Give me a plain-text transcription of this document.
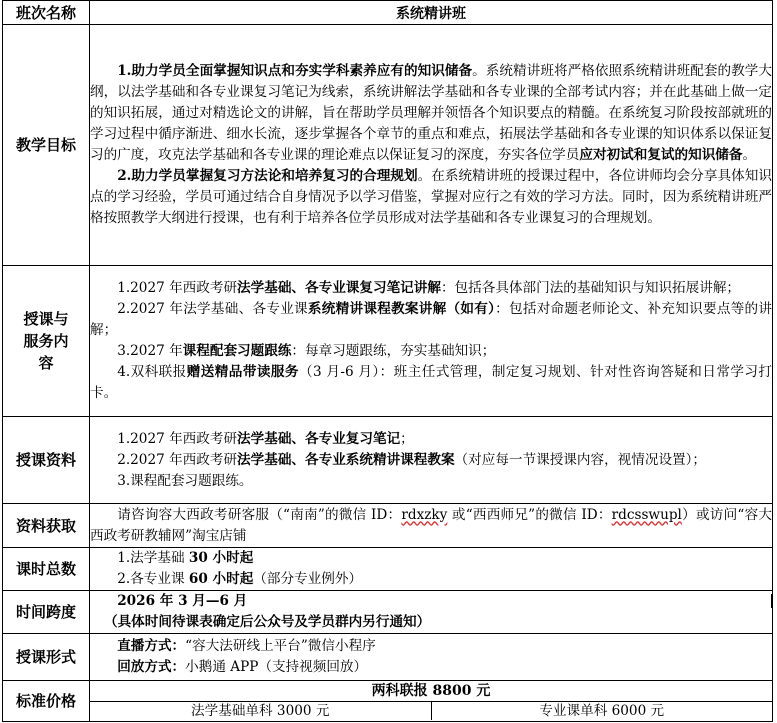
班次名称	系统精讲班
教学目标	1.助力学员全面掌握知识点和夯实学科素养应有的知识储备。系统精讲班将严格依照系统精讲班配套的教学大纲，以法学基础和各专业课复习笔记为线索，系统讲解法学基础和各专业课的全部考试内容；并在此基础上做一定的知识拓展，通过对精选论文的讲解，旨在帮助学员理解并领悟各个知识要点的精髓。在系统复习阶段按部就班的学习过程中循序渐进、细水长流，逐步掌握各个章节的重点和难点，拓展法学基础和各专业课的知识体系以保证复习的广度，攻克法学基础和各专业课的理论难点以保证复习的深度，夯实各位学员应对初试和复试的知识储备。

2.助力学员掌握复习方法论和培养复习的合理规划。在系统精讲班的授课过程中，各位讲师均会分享具体知识点的学习经验，学员可通过结合自身情况予以学习借鉴，掌握对应行之有效的学习方法。同时，因为系统精讲班严格按照教学大纲进行授课，也有利于培养各位学员形成对法学基础和各专业课复习的合理规划。

授课与服务内容	1.2027 年西政考研法学基础、各专业课复习笔记讲解：包括各具体部门法的基础知识与知识拓展讲解；

2.2027 年法学基础、各专业课系统精讲课程教案讲解（如有）：包括对命题老师论文、补充知识要点等的讲解；

3.2027 年课程配套习题跟练：每章习题跟练，夯实基础知识；

4.双科联报赠送精品带读服务（3 月-6 月）：班主任式管理，制定复习规划、针对性咨询答疑和日常学习打卡。

授课资料	1.2027 年西政考研法学基础、各专业复习笔记；

2.2027 年西政考研法学基础、各专业系统精讲课程教案（对应每一节课授课内容，视情况设置）；

3.课程配套习题跟练。

资料获取	请咨询容大西政考研客服（“南南”的微信 ID：rdxzky 或“西西师兄”的微信 ID：rdcsswupl）或访问“容大西政考研教辅网”淘宝店铺

课时总数	1.法学基础 30 小时起

2.各专业课 60 小时起（部分专业例外）

时间跨度	2026 年 3 月—6 月

（具体时间待课表确定后公众号及学员群内另行通知）

授课形式	直播方式：“容大法研线上平台”微信小程序

回放方式：小鹅通 APP（支持视频回放）

标准价格	两科联报 8800 元
法学基础单科 3000 元 专业课单科 6000 元
